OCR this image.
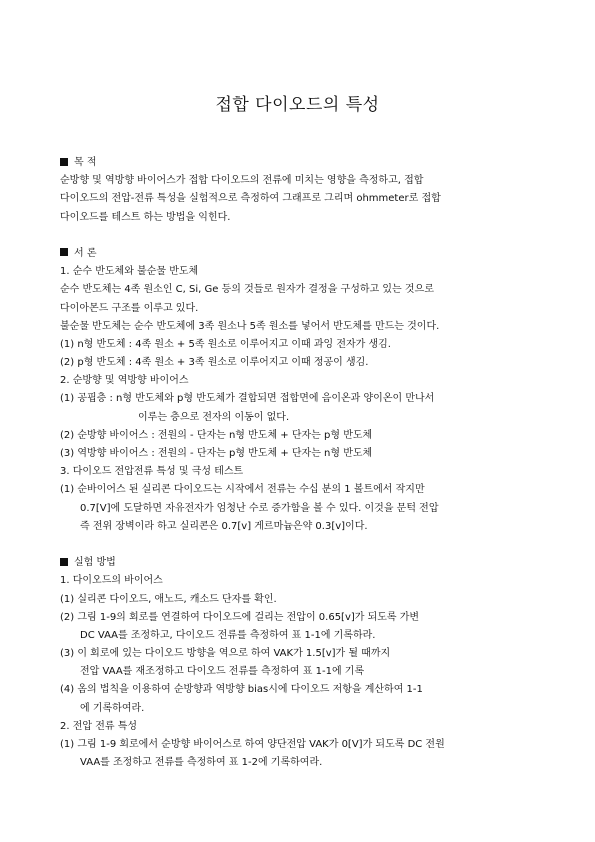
접합 다이오드의 특성
목 적
순방향 및 역방향 바이어스가 접합 다이오드의 전류에 미치는 영향을 측정하고, 접합
다이오드의 전압-전류 특성을 실험적으로 측정하여 그래프로 그리며 ohmmeter로 접합
다이오드를 테스트 하는 방법을 익힌다.
서 론
1. 순수 반도체와 불순물 반도체
순수 반도체는 4족 원소인 C, Si, Ge 등의 것들로 원자가 결정을 구성하고 있는 것으로
다이아몬드 구조를 이루고 있다.
불순물 반도체는 순수 반도체에 3족 원소나 5족 원소를 넣어서 반도체를 만드는 것이다.
(1) n형 반도체 : 4족 원소 + 5족 원소로 이루어지고 이때 과잉 전자가 생김.
(2) p형 반도체 : 4족 원소 + 3족 원소로 이루어지고 이때 정공이 생김.
2. 순방향 및 역방향 바이어스
(1) 공핍층 : n형 반도체와 p형 반도체가 결합되면 접합면에 음이온과 양이온이 만나서
이루는 층으로 전자의 이동이 없다.
(2) 순방향 바이어스 : 전원의 - 단자는 n형 반도체 + 단자는 p형 반도체
(3) 역방향 바이어스 : 전원의 - 단자는 p형 반도체 + 단자는 n형 반도체
3. 다이오드 전압전류 특성 및 극성 테스트
(1) 순바이어스 된 실리콘 다이오드는 시작에서 전류는 수십 분의 1 볼트에서 작지만
0.7[V]에 도달하면 자유전자가 엄청난 수로 증가함을 볼 수 있다. 이것을 문턱 전압
즉 전위 장벽이라 하고 실리콘은 0.7[v] 게르마늄은약 0.3[v]이다.
실험 방법
1. 다이오드의 바이어스
(1) 실리콘 다이오드, 애노드, 캐소드 단자를 확인.
(2) 그림 1-9의 회로를 연결하여 다이오드에 걸리는 전압이 0.65[v]가 되도록 가변
DC VAA를 조정하고, 다이오드 전류를 측정하여 표 1-1에 기록하라.
(3) 이 회로에 있는 다이오드 방향을 역으로 하여 VAK가 1.5[v]가 될 때까지
전압 VAA를 재조정하고 다이오드 전류를 측정하여 표 1-1에 기록
(4) 옴의 법칙을 이용하여 순방향과 역방향 bias시에 다이오드 저항을 계산하여 1-1
에 기록하여라.
2. 전압 전류 특성
(1) 그림 1-9 회로에서 순방향 바이어스로 하여 양단전압 VAK가 0[V]가 되도록 DC 전원
VAA를 조정하고 전류를 측정하여 표 1-2에 기록하여라.
